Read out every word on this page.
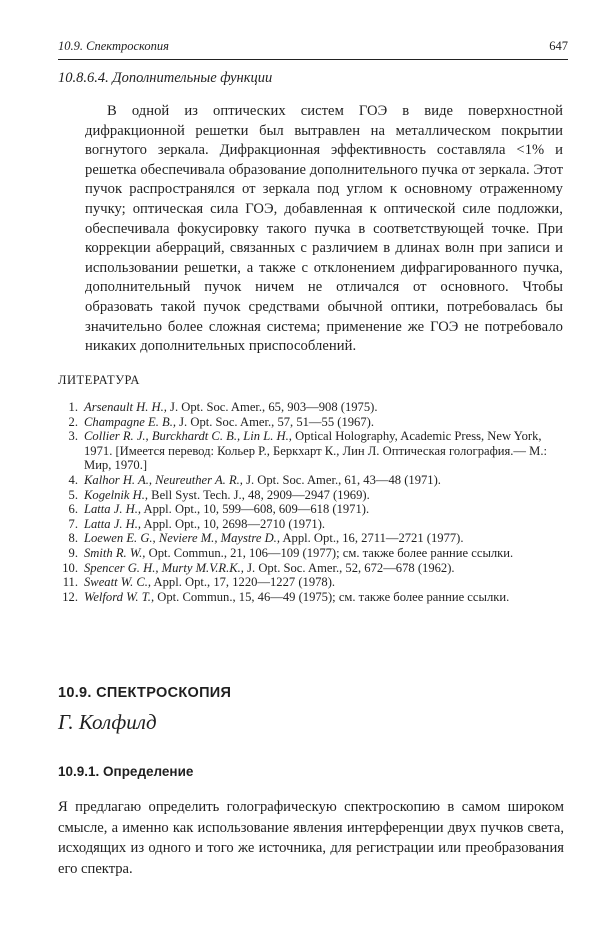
10.9. Спектроскопия	647
10.8.6.4. Дополнительные функции

В одной из оптических систем ГОЭ в виде поверхностной дифракционной решетки был вытравлен на металлическом покрытии вогнутого зеркала. Дифракционная эффективность составляла <1% и решетка обеспечивала образование дополнительного пучка от зеркала. Этот пучок распространялся от зеркала под углом к основному отраженному пучку; оптическая сила ГОЭ, добавленная к оптической силе подложки, обеспечивала фокусировку такого пучка в соответствующей точке. При коррекции аберраций, связанных с различием в длинах волн при записи и использовании решетки, а также с отклонением дифрагированного пучка, дополнительный пучок ничем не отличался от основного. Чтобы образовать такой пучок средствами обычной оптики, потребовалась бы значительно более сложная система; применение же ГОЭ не потребовало никаких дополнительных приспособлений.

ЛИТЕРАТУРА
1. Arsenault H. H., J. Opt. Soc. Amer., 65, 903—908 (1975).
2. Champagne E. B., J. Opt. Soc. Amer., 57, 51—55 (1967).
3. Collier R. J., Burckhardt C. B., Lin L. H., Optical Holography, Academic Press, New York, 1971. [Имеется перевод: Кольер Р., Беркхарт К., Лин Л. Оптическая голография.— М.: Мир, 1970.]
4. Kalhor H. A., Neureuther A. R., J. Opt. Soc. Amer., 61, 43—48 (1971).
5. Kogelnik H., Bell Syst. Tech. J., 48, 2909—2947 (1969).
6. Latta J. H., Appl. Opt., 10, 599—608, 609—618 (1971).
7. Latta J. H., Appl. Opt., 10, 2698—2710 (1971).
8. Loewen E. G., Neviere M., Maystre D., Appl. Opt., 16, 2711—2721 (1977).
9. Smith R. W., Opt. Commun., 21, 106—109 (1977); см. также более ранние ссылки.
10. Spencer G. H., Murty M.V.R.K., J. Opt. Soc. Amer., 52, 672—678 (1962).
11. Sweatt W. C., Appl. Opt., 17, 1220—1227 (1978).
12. Welford W. T., Opt. Commun., 15, 46—49 (1975); см. также более ранние ссылки.
10.9. СПЕКТРОСКОПИЯ
Г. Колфилд
10.9.1. Определение

Я предлагаю определить голографическую спектроскопию в самом широком смысле, а именно как использование явления интерференции двух пучков света, исходящих из одного и того же источника, для регистрации или преобразования его спектра.
